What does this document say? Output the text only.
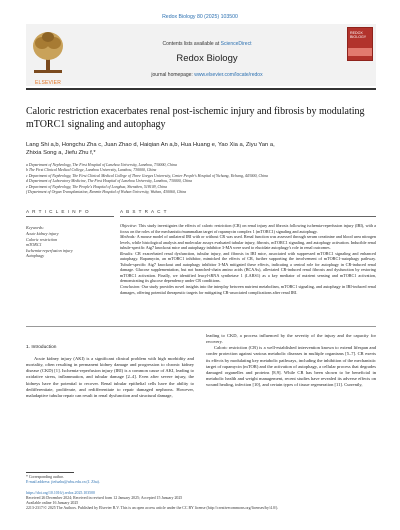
Redox Biology 80 (2025) 103500
ELSEVIER
Contents lists available at ScienceDirect
Redox Biology
journal homepage: www.elsevier.com/locate/redox
REDOX BIOLOGY
Caloric restriction exacerbates renal post-ischemic injury and fibrosis by modulating mTORC1 signaling and autophagy
Lang Shi a,b, Hongchu Zha c, Juan Zhao d, Haiqian An a,b, Hua Huang e, Yao Xia a, Ziyu Yan a,
Zhixia Song a, Jiefu Zhu f,*
a Department of Nephrology, The First Hospital of Lanzhou University, Lanzhou, 730000, China
b The First Clinical Medical College, Lanzhou University, Lanzhou, 730000, China
c Department of Nephrology, The First Clinical Medical College of Three Gorges University, Center People's Hospital of Yichang, Yichang, 443000, China
d Department of Laboratory Medicine, The First Hospital of Lanzhou University, Lanzhou, 730000, China
e Department of Nephrology, The People's Hospital of Longhua, Shenzhen, 518109, China
f Department of Organ Transplantation, Renmin Hospital of Wuhan University, Wuhan, 430060, China
A R T I C L E I N F O
Keywords:
Acute kidney injury
Caloric restriction
mTORC1
Ischemia-reperfusion injury
Autophagy
A B S T R A C T

Objective: This study investigates the effects of caloric restriction (CR) on renal injury and fibrosis following ischemia-reperfusion injury (IRI), with a focus on the roles of the mechanistic/mammalian target of rapamycin complex 1 (mTORC1) signaling and autophagy.

Methods: A mouse model of unilateral IRI with or without CR was used. Renal function was assessed through serum creatinine and blood urea nitrogen levels, while histological analysis and molecular assays evaluated tubular injury, fibrosis, mTORC1 signaling, and autophagy activation. Inducible renal tubule-specific Atg7 knockout mice and autophagy inhibitor 3-MA were used to elucidate autophagy's role in renal outcomes.

Results: CR exacerbated renal dysfunction, tubular injury, and fibrosis in IRI mice, associated with suppressed mTORC1 signaling and enhanced autophagy. Rapamycin, an mTORC1 inhibitor, mimicked the effects of CR, further supporting the involvement of mTORC1-autophagy pathway. Tubule-specific Atg7 knockout and autophagy inhibitor 3-MA mitigated these effects, indicating a central role for autophagy in CR-induced renal damage. Glucose supplementation, but not branched-chain amino acids (BCAAs), alleviated CR-induced renal fibrosis and dysfunction by restoring mTORC1 activation. Finally, we identified leucyl-tRNA synthetase 1 (LARS1) as a key mediator of nutrient sensing and mTORC1 activation, demonstrating its glucose dependency under CR conditions.

Conclusion: Our study provides novel insights into the interplay between nutrient metabolism, mTORC1 signaling, and autophagy in IRI-induced renal damages, offering potential therapeutic targets for mitigating CR-associated complications after renal IRI.

1. Introduction

Acute kidney injury (AKI) is a significant clinical problem with high morbidity and mortality, often resulting in permanent kidney damage and progression to chronic kidney disease (CKD) [1]. Ischemia-reperfusion injury (IRI) is a common cause of AKI, leading to oxidative stress, inflammation, and tubular damage [2–4]. Even after severe injury, the kidneys have the potential to recover. Renal tubular epithelial cells have the ability to dedifferentiate, proliferate, and redifferentiate to repair damaged nephrons. However, maladaptive tubular repair can result in renal dysfunction and structural damage,

leading to CKD, a process influenced by the severity of the injury and the capacity for recovery.

Caloric restriction (CR) is a well-established intervention known to extend lifespan and confer protection against various metabolic diseases in multiple organisms [5–7]. CR exerts its effects by modulating key metabolic pathways, including the inhibition of the mechanistic target of rapamycin (mTOR) and the activation of autophagy, a cellular process that degrades damaged organelles and proteins [8,9]. While CR has been shown to be beneficial in metabolic health and weight management, recent studies have revealed its adverse effects on wound healing, infection [10], and certain types of tissue regeneration [11]. Currently,

* Corresponding author.
E-mail address: jiefuzhu@whu.edu.cn (J. Zhu).
https://doi.org/10.1016/j.redox.2025.103500
Received 26 December 2024; Received in revised form 12 January 2025; Accepted 15 January 2025
Available online 16 January 2025
2213-2317/© 2025 The Authors. Published by Elsevier B.V. This is an open access article under the CC BY license (http://creativecommons.org/licenses/by/4.0/).
